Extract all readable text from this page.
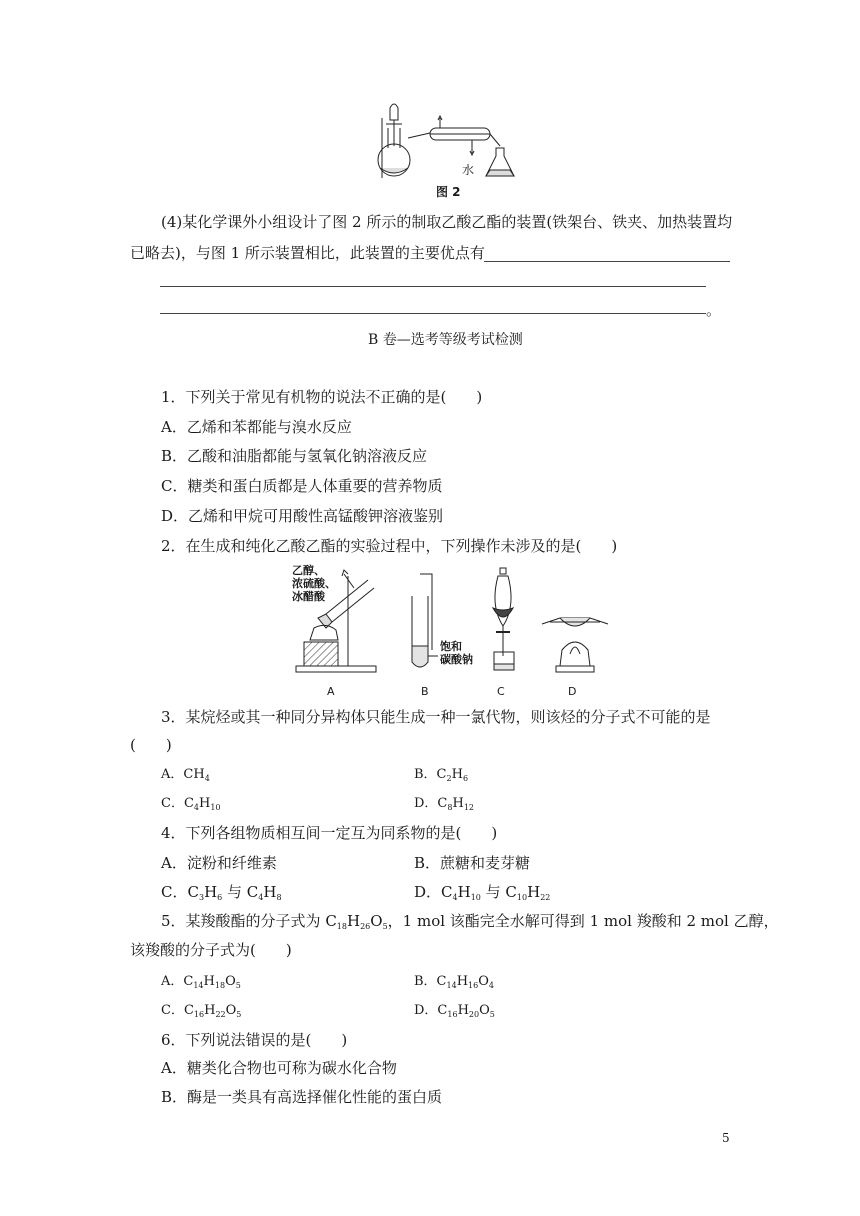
水
图 2
(4)某化学课外小组设计了图 2 所示的制取乙酸乙酯的装置(铁架台、铁夹、加热装置均
已略去)，与图 1 所示装置相比，此装置的主要优点有
。
B 卷—选考等级考试检测
1．下列关于常见有机物的说法不正确的是(　　)
A．乙烯和苯都能与溴水反应
B．乙酸和油脂都能与氢氧化钠溶液反应
C．糖类和蛋白质都是人体重要的营养物质
D．乙烯和甲烷可用酸性高锰酸钾溶液鉴别
2．在生成和纯化乙酸乙酯的实验过程中，下列操作未涉及的是(　　)
乙醇、
浓硫酸、
冰醋酸
A
饱和
碳酸钠
B	C	D
3．某烷烃或其一种同分异构体只能生成一种一氯代物，则该烃的分子式不可能的是
(　　)
A．$CH_4$	B．$C_2H_6$
C．$C_4H_{10}$	D．$C_8H_{12}$
4．下列各组物质相互间一定互为同系物的是(　　)
A．淀粉和纤维素	B．蔗糖和麦芽糖
C．$C_3H_6$ 与 $C_4H_8$	D．$C_4H_{10}$ 与 $C_{10}H_{22}$
5．某羧酸酯的分子式为 $C_{18}H_{26}O_5$，1 mol 该酯完全水解可得到 1 mol 羧酸和 2 mol 乙醇，
该羧酸的分子式为(　　)
A．$C_{14}H_{18}O_5$	B．$C_{14}H_{16}O_4$
C．$C_{16}H_{22}O_5$	D．$C_{16}H_{20}O_5$
6．下列说法错误的是(　　)
A．糖类化合物也可称为碳水化合物
B．酶是一类具有高选择催化性能的蛋白质
5
